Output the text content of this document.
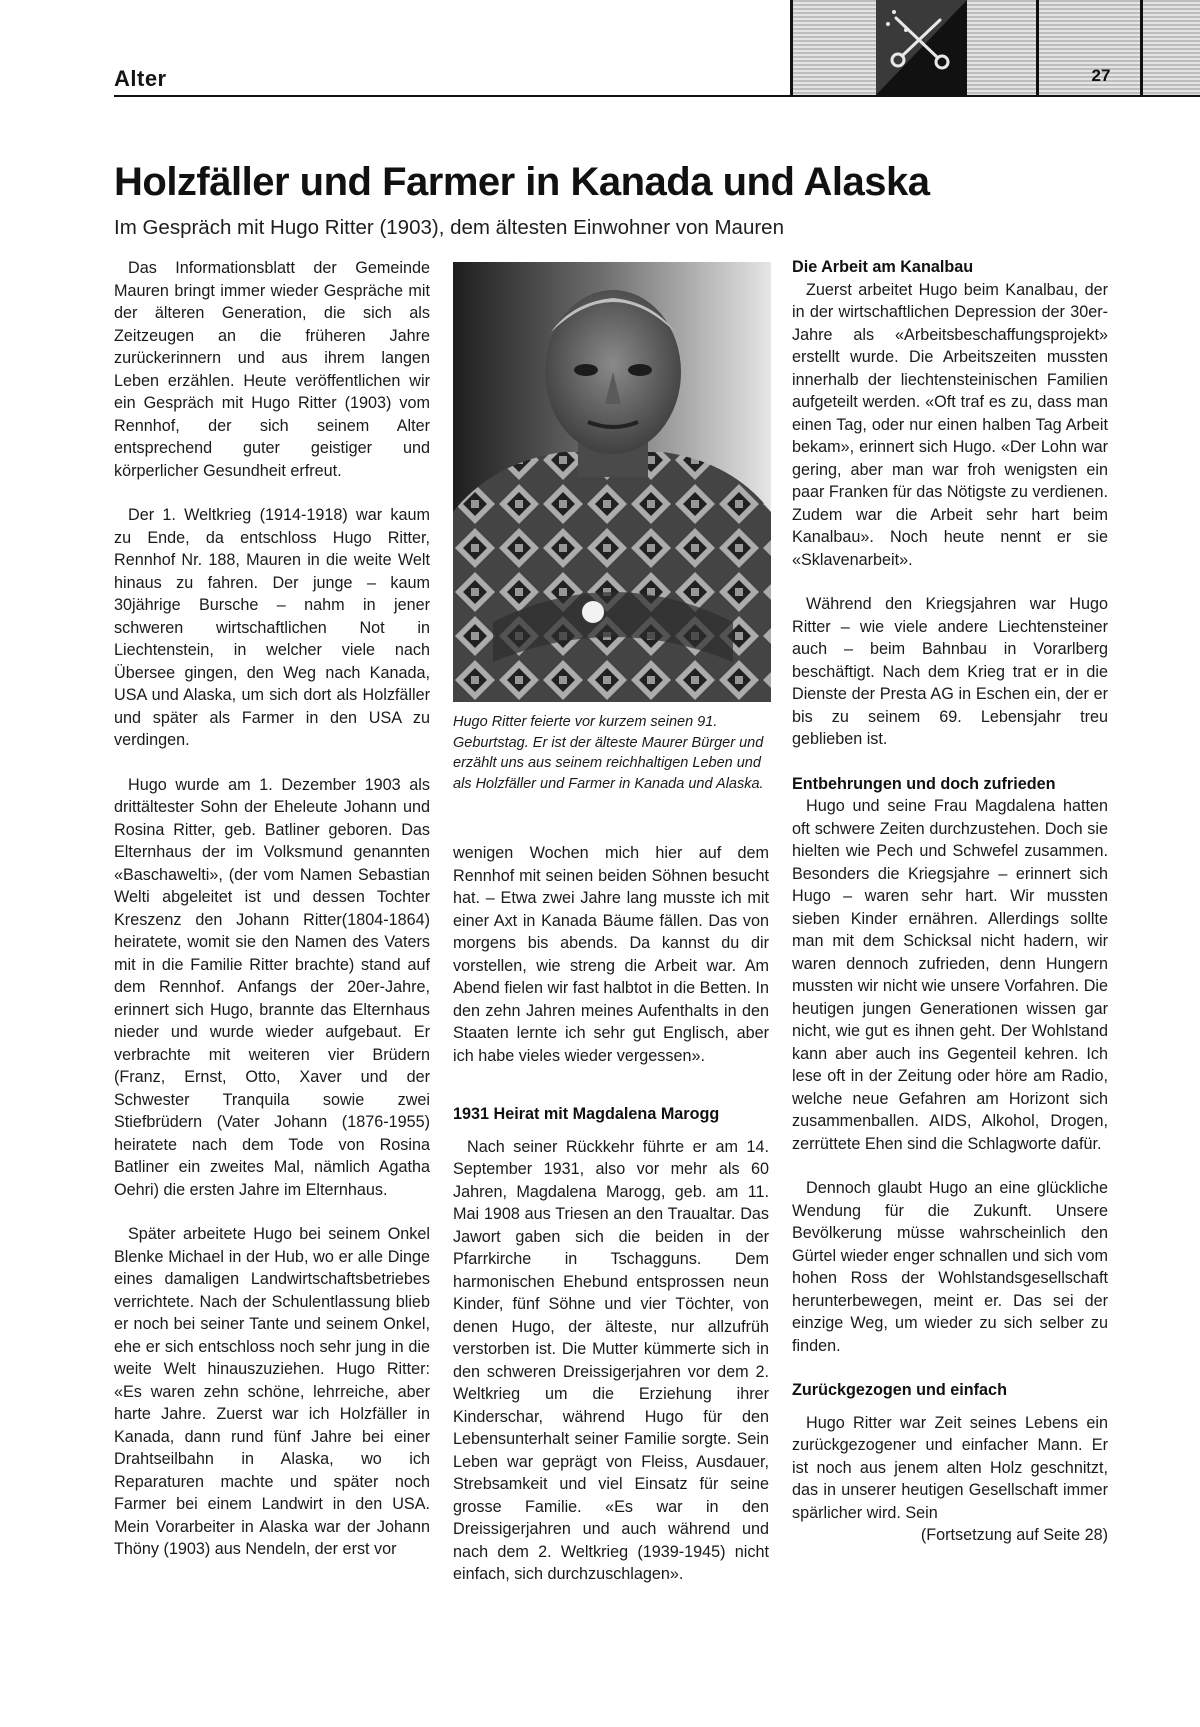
Alter	27
Holzfäller und Farmer in Kanada und Alaska
Im Gespräch mit Hugo Ritter (1903), dem ältesten Einwohner von Mauren

Das Informationsblatt der Gemeinde Mauren bringt immer wieder Gespräche mit der älteren Generation, die sich als Zeitzeugen an die früheren Jahre zurückerinnern und aus ihrem langen Leben erzählen. Heute veröffentlichen wir ein Gespräch mit Hugo Ritter (1903) vom Rennhof, der sich seinem Alter entsprechend guter geistiger und körperlicher Gesundheit erfreut.

Der 1. Weltkrieg (1914-1918) war kaum zu Ende, da entschloss Hugo Ritter, Rennhof Nr. 188, Mauren in die weite Welt hinaus zu fahren. Der junge – kaum 30jährige Bursche – nahm in jener schweren wirtschaftlichen Not in Liechtenstein, in welcher viele nach Übersee gingen, den Weg nach Kanada, USA und Alaska, um sich dort als Holzfäller und später als Farmer in den USA zu verdingen.

Hugo wurde am 1. Dezember 1903 als drittältester Sohn der Eheleute Johann und Rosina Ritter, geb. Batliner geboren. Das Elternhaus der im Volksmund genannten «Baschawelti», (der vom Namen Sebastian Welti abgeleitet ist und dessen Tochter Kreszenz den Johann Ritter(1804-1864) heiratete, womit sie den Namen des Vaters mit in die Familie Ritter brachte) stand auf dem Rennhof. Anfangs der 20er-Jahre, erinnert sich Hugo, brannte das Elternhaus nieder und wurde wieder aufgebaut. Er verbrachte mit weiteren vier Brüdern (Franz, Ernst, Otto, Xaver und der Schwester Tranquila sowie zwei Stiefbrüdern (Vater Johann (1876-1955) heiratete nach dem Tode von Rosina Batliner ein zweites Mal, nämlich Agatha Oehri) die ersten Jahre im Elternhaus.

Später arbeitete Hugo bei seinem Onkel Blenke Michael in der Hub, wo er alle Dinge eines damaligen Landwirtschaftsbetriebes verrichtete. Nach der Schulentlassung blieb er noch bei seiner Tante und seinem Onkel, ehe er sich entschloss noch sehr jung in die weite Welt hinauszuziehen. Hugo Ritter: «Es waren zehn schöne, lehrreiche, aber harte Jahre. Zuerst war ich Holzfäller in Kanada, dann rund fünf Jahre bei einer Drahtseilbahn in Alaska, wo ich Reparaturen machte und später noch Farmer bei einem Landwirt in den USA. Mein Vorarbeiter in Alaska war der Johann Thöny (1903) aus Nendeln, der erst vor

Hugo Ritter feierte vor kurzem seinen 91. Geburtstag. Er ist der älteste Maurer Bürger und erzählt uns aus seinem reichhaltigen Leben und als Holzfäller und Farmer in Kanada und Alaska.

wenigen Wochen mich hier auf dem Rennhof mit seinen beiden Söhnen besucht hat. – Etwa zwei Jahre lang musste ich mit einer Axt in Kanada Bäume fällen. Das von morgens bis abends. Da kannst du dir vorstellen, wie streng die Arbeit war. Am Abend fielen wir fast halbtot in die Betten. In den zehn Jahren meines Aufenthalts in den Staaten lernte ich sehr gut Englisch, aber ich habe vieles wieder vergessen».

1931 Heirat mit Magdalena Marogg

Nach seiner Rückkehr führte er am 14. September 1931, also vor mehr als 60 Jahren, Magdalena Marogg, geb. am 11. Mai 1908 aus Triesen an den Traualtar. Das Jawort gaben sich die beiden in der Pfarrkirche in Tschagguns. Dem harmonischen Ehebund entsprossen neun Kinder, fünf Söhne und vier Töchter, von denen Hugo, der älteste, nur allzufrüh verstorben ist. Die Mutter kümmerte sich in den schweren Dreissigerjahren vor dem 2. Weltkrieg um die Erziehung ihrer Kinderschar, während Hugo für den Lebensunterhalt seiner Familie sorgte. Sein Leben war geprägt von Fleiss, Ausdauer, Strebsamkeit und viel Einsatz für seine grosse Familie. «Es war in den Dreissigerjahren und auch während und nach dem 2. Weltkrieg (1939-1945) nicht einfach, sich durchzuschlagen».

Die Arbeit am Kanalbau

Zuerst arbeitet Hugo beim Kanalbau, der in der wirtschaftlichen Depression der 30er-Jahre als «Arbeitsbeschaffungsprojekt» erstellt wurde. Die Arbeitszeiten mussten innerhalb der liechtensteinischen Familien aufgeteilt werden. «Oft traf es zu, dass man einen Tag, oder nur einen halben Tag Arbeit bekam», erinnert sich Hugo. «Der Lohn war gering, aber man war froh wenigsten ein paar Franken für das Nötigste zu verdienen. Zudem war die Arbeit sehr hart beim Kanalbau». Noch heute nennt er sie «Sklavenarbeit».

Während den Kriegsjahren war Hugo Ritter – wie viele andere Liechtensteiner auch – beim Bahnbau in Vorarlberg beschäftigt. Nach dem Krieg trat er in die Dienste der Presta AG in Eschen ein, der er bis zu seinem 69. Lebensjahr treu geblieben ist.

Entbehrungen und doch zufrieden

Hugo und seine Frau Magdalena hatten oft schwere Zeiten durchzustehen. Doch sie hielten wie Pech und Schwefel zusammen. Besonders die Kriegsjahre – erinnert sich Hugo – waren sehr hart. Wir mussten sieben Kinder ernähren. Allerdings sollte man mit dem Schicksal nicht hadern, wir waren dennoch zufrieden, denn Hungern mussten wir nicht wie unsere Vorfahren. Die heutigen jungen Generationen wissen gar nicht, wie gut es ihnen geht. Der Wohlstand kann aber auch ins Gegenteil kehren. Ich lese oft in der Zeitung oder höre am Radio, welche neue Gefahren am Horizont sich zusammenballen. AIDS, Alkohol, Drogen, zerrüttete Ehen sind die Schlagworte dafür.

Dennoch glaubt Hugo an eine glückliche Wendung für die Zukunft. Unsere Bevölkerung müsse wahrscheinlich den Gürtel wieder enger schnallen und sich vom hohen Ross der Wohlstandsgesellschaft herunterbewegen, meint er. Das sei der einzige Weg, um wieder zu sich selber zu finden.

Zurückgezogen und einfach

Hugo Ritter war Zeit seines Lebens ein zurückgezogener und einfacher Mann. Er ist noch aus jenem alten Holz geschnitzt, das in unserer heutigen Gesellschaft immer spärlicher wird. Sein

(Fortsetzung auf Seite 28)
